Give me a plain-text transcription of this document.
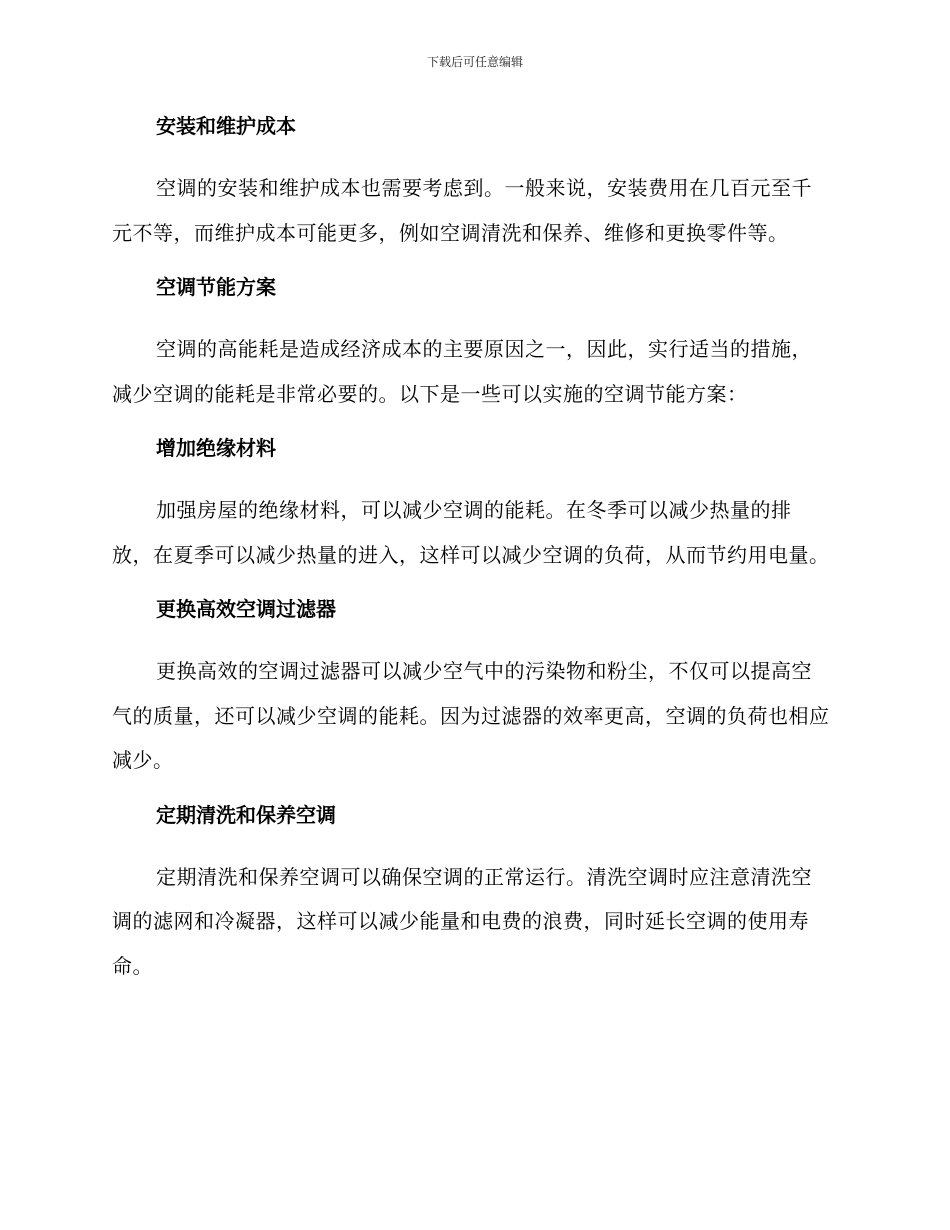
下载后可任意编辑
安装和维护成本

空调的安装和维护成本也需要考虑到。一般来说，安装费用在几百元至千元不等，而维护成本可能更多，例如空调清洗和保养、维修和更换零件等。

空调节能方案

空调的高能耗是造成经济成本的主要原因之一，因此，实行适当的措施，减少空调的能耗是非常必要的。以下是一些可以实施的空调节能方案：

增加绝缘材料

加强房屋的绝缘材料，可以减少空调的能耗。在冬季可以减少热量的排放，在夏季可以减少热量的进入，这样可以减少空调的负荷，从而节约用电量。

更换高效空调过滤器

更换高效的空调过滤器可以减少空气中的污染物和粉尘，不仅可以提高空气的质量，还可以减少空调的能耗。因为过滤器的效率更高，空调的负荷也相应减少。

定期清洗和保养空调

定期清洗和保养空调可以确保空调的正常运行。清洗空调时应注意清洗空调的滤网和冷凝器，这样可以减少能量和电费的浪费，同时延长空调的使用寿命。
